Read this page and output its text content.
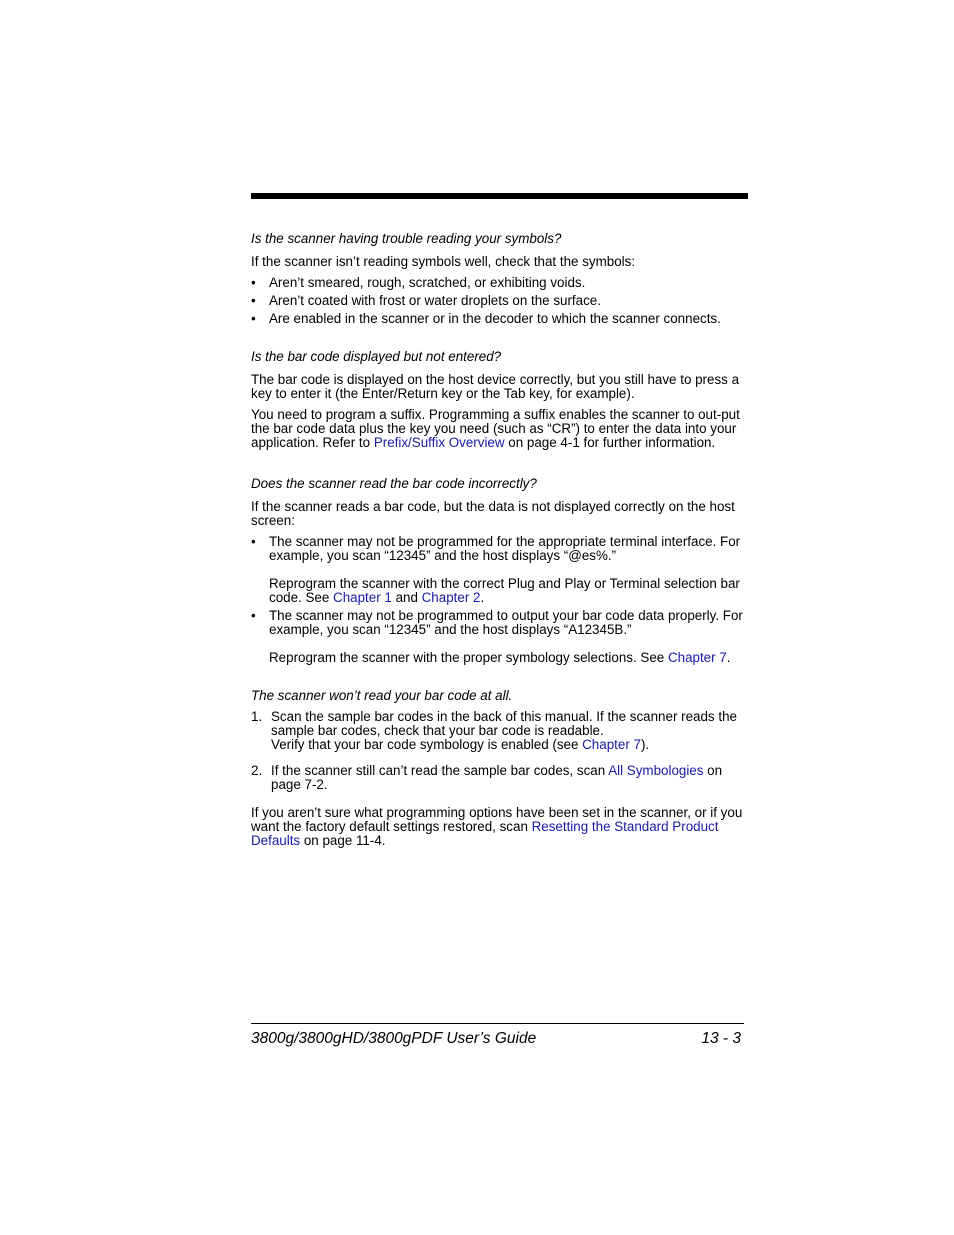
Is the scanner having trouble reading your symbols?

If the scanner isn’t reading symbols well, check that the symbols:

• Aren’t smeared, rough, scratched, or exhibiting voids.
• Aren’t coated with frost or water droplets on the surface.
• Are enabled in the scanner or in the decoder to which the scanner connects.
Is the bar code displayed but not entered?

The bar code is displayed on the host device correctly, but you still have to press a key to enter it (the Enter/Return key or the Tab key, for example).

You need to program a suffix. Programming a suffix enables the scanner to out-put the bar code data plus the key you need (such as “CR”) to enter the data into your application. Refer to Prefix/Suffix Overview on page 4-1 for further information.

Does the scanner read the bar code incorrectly?

If the scanner reads a bar code, but the data is not displayed correctly on the host screen:

• The scanner may not be programmed for the appropriate terminal interface. For example, you scan “12345” and the host displays “@es%.”
Reprogram the scanner with the correct Plug and Play or Terminal selection bar code. See Chapter 1 and Chapter 2.
• The scanner may not be programmed to output your bar code data properly. For example, you scan “12345” and the host displays “A12345B.”
Reprogram the scanner with the proper symbology selections. See Chapter 7.
The scanner won’t read your bar code at all.
1. Scan the sample bar codes in the back of this manual. If the scanner reads the sample bar codes, check that your bar code is readable.
Verify that your bar code symbology is enabled (see Chapter 7).
2. If the scanner still can’t read the sample bar codes, scan All Symbologies on page 7-2.

If you aren’t sure what programming options have been set in the scanner, or if you want the factory default settings restored, scan Resetting the Standard Product Defaults on page 11-4.

3800g/3800gHD/3800gPDF User’s Guide	13 - 3
